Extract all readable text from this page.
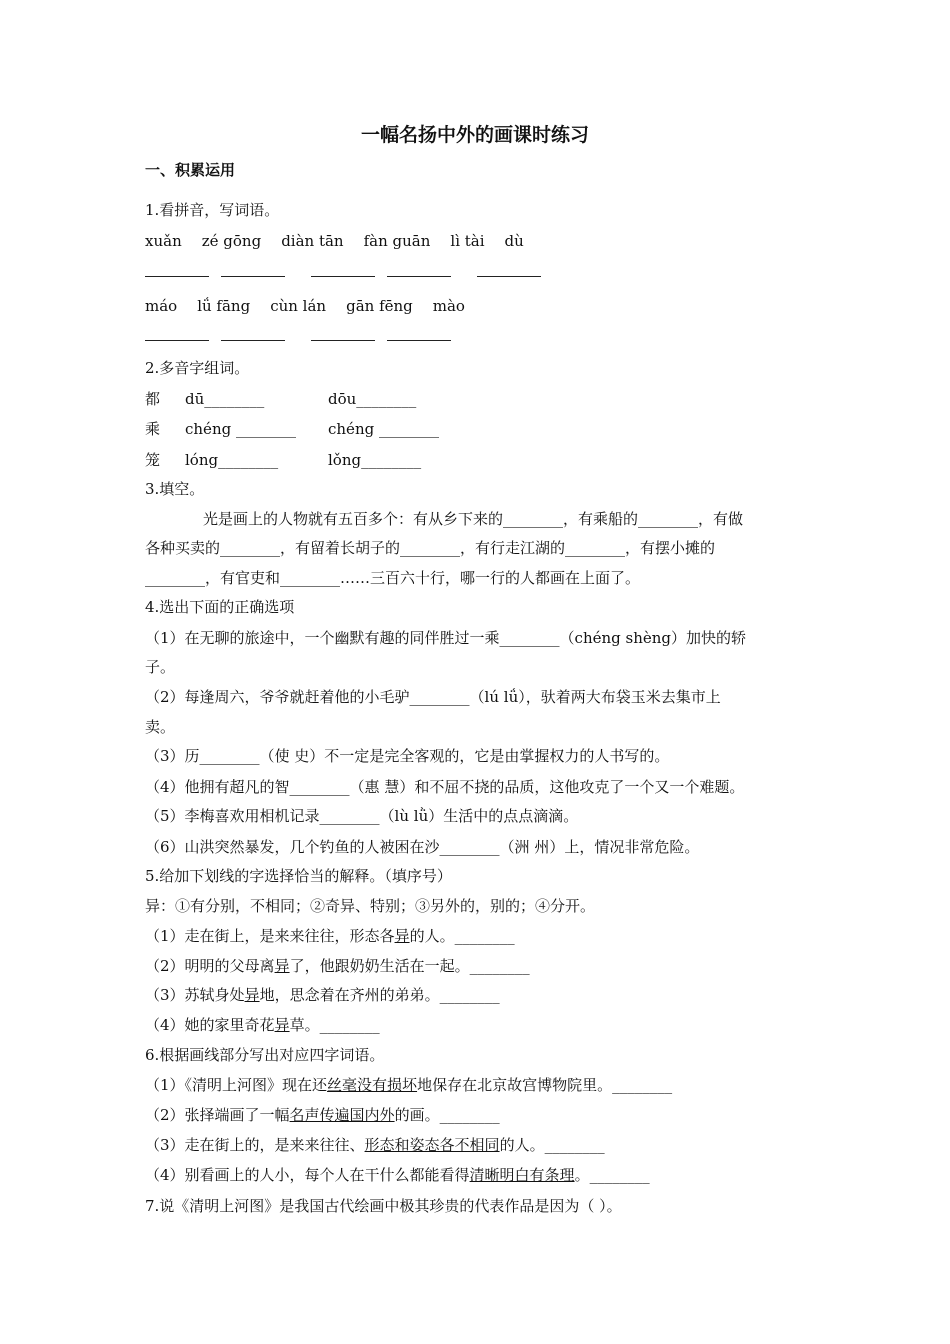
一幅名扬中外的画课时练习
一、积累运用
1.看拼音，写词语。
xuǎn zé gōng diàn tān fàn guān lì tài dù
máo lǘ fāng cùn lán gān fēng mào
2.多音字组词。
都 dū________	dōu________
乘 chéng ________ chéng ________
笼 lóng________	lǒng________
3.填空。
光是画上的人物就有五百多个：有从乡下来的________，有乘船的________，有做
各种买卖的________，有留着长胡子的________，有行走江湖的________，有摆小摊的
________，有官吏和________……三百六十行，哪一行的人都画在上面了。
4.选出下面的正确选项
（1）在无聊的旅途中，一个幽默有趣的同伴胜过一乘________（chéng shèng）加快的轿
子。
（2）每逢周六，爷爷就赶着他的小毛驴________（lú lǘ），驮着两大布袋玉米去集市上
卖。
（3）历________（使 史）不一定是完全客观的，它是由掌握权力的人书写的。
（4）他拥有超凡的智________（惠 慧）和不屈不挠的品质，这他攻克了一个又一个难题。
（5）李梅喜欢用相机记录________（lù lǜ）生活中的点点滴滴。
（6）山洪突然暴发，几个钓鱼的人被困在沙________（洲 州）上，情况非常危险。
5.给加下划线的字选择恰当的解释。（填序号）
异：①有分别，不相同；②奇异、特别；③另外的，别的；④分开。
（1）走在街上，是来来往往，形态各异的人。________
（2）明明的父母离异了，他跟奶奶生活在一起。________
（3）苏轼身处异地，思念着在齐州的弟弟。________
（4）她的家里奇花异草。________
6.根据画线部分写出对应四字词语。
（1）《清明上河图》现在还丝毫没有损坏地保存在北京故宫博物院里。________
（2）张择端画了一幅名声传遍国内外的画。________
（3）走在街上的，是来来往往、形态和姿态各不相同的人。________
（4）别看画上的人小，每个人在干什么都能看得清晰明白有条理。________
7.说《清明上河图》是我国古代绘画中极其珍贵的代表作品是因为（ ）。
